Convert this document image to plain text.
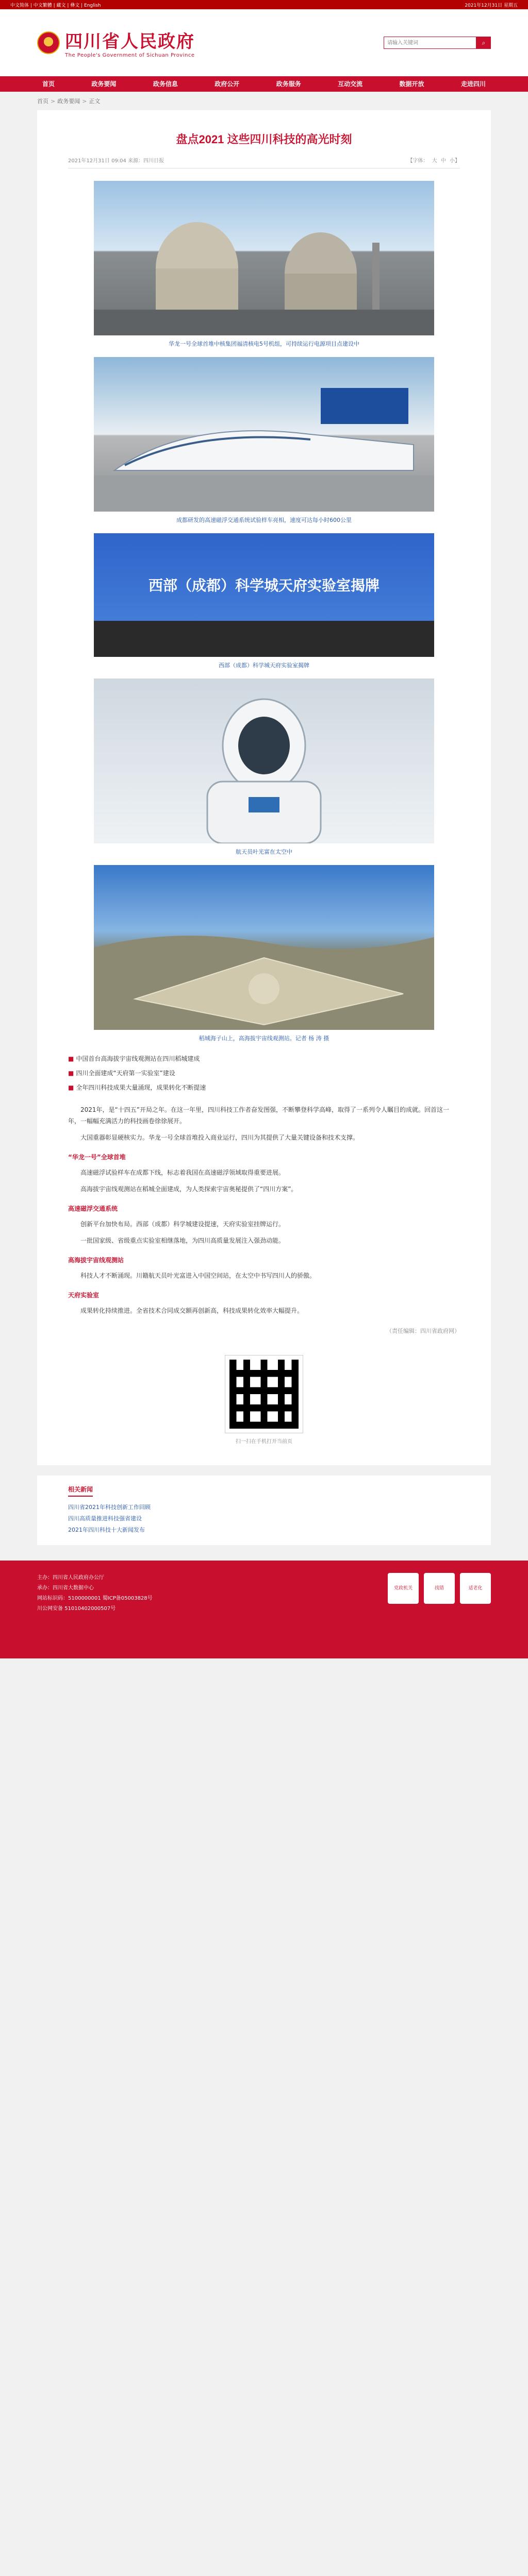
中文简体 | 中文繁體 | 藏文 | 彝文 | English	2021年12月31日 星期五
四川省人民政府
The People's Government of Sichuan Province
请输入关键词
⌕
首页	政务要闻	政务信息	政府公开	政务服务	互动交流	数据开放	走进四川
首页 > 政务要闻 > 正文
盘点2021 这些四川科技的高光时刻
2021年12月31日 09:04 来源：四川日报	【字体： 大 中 小】
华龙一号全球首堆中核集团福清核电5号机组，可持续运行电源项目点建设中
成都研发的高速磁浮交通系统试验样车亮相，速度可达每小时600公里
西部（成都）科学城天府实验室揭牌
西部（成都）科学城天府实验室揭牌
航天员叶光富在太空中
稻城海子山上，高海拔宇宙线观测站。记者 杨 涛 摄

■ 中国首台高海拔宇宙线观测站在四川稻城建成

■ 四川全面建成“天府第一实验室”建设

■ 全年四川科技成果大量涌现，成果转化不断提速

2021年，是“十四五”开局之年。在这一年里，四川科技工作者奋发图强，不断攀登科学高峰，取得了一系列令人瞩目的成就。回首这一年，一幅幅充满活力的科技画卷徐徐展开。

大国重器彰显硬核实力。华龙一号全球首堆投入商业运行，四川为其提供了大量关键设备和技术支撑。

“华龙一号”全球首堆

高速磁浮试验样车在成都下线，标志着我国在高速磁浮领域取得重要进展。

高海拔宇宙线观测站在稻城全面建成，为人类探索宇宙奥秘提供了“四川方案”。

高速磁浮交通系统

创新平台加快布局。西部（成都）科学城建设提速，天府实验室挂牌运行。

一批国家级、省级重点实验室相继落地，为四川高质量发展注入强劲动能。

高海拔宇宙线观测站

科技人才不断涌现。川籍航天员叶光富进入中国空间站，在太空中书写四川人的骄傲。

天府实验室

成果转化持续推进。全省技术合同成交额再创新高，科技成果转化效率大幅提升。

（责任编辑：四川省政府网）
扫一扫在手机打开当前页
相关新闻
四川省2021年科技创新工作回顾
四川高质量推进科技强省建设
2021年四川科技十大新闻发布
主办：四川省人民政府办公厅
承办：四川省大数据中心
网站标识码：5100000001 蜀ICP备05003828号
川公网安备 51010402000507号
党政机关	找错	适老化
